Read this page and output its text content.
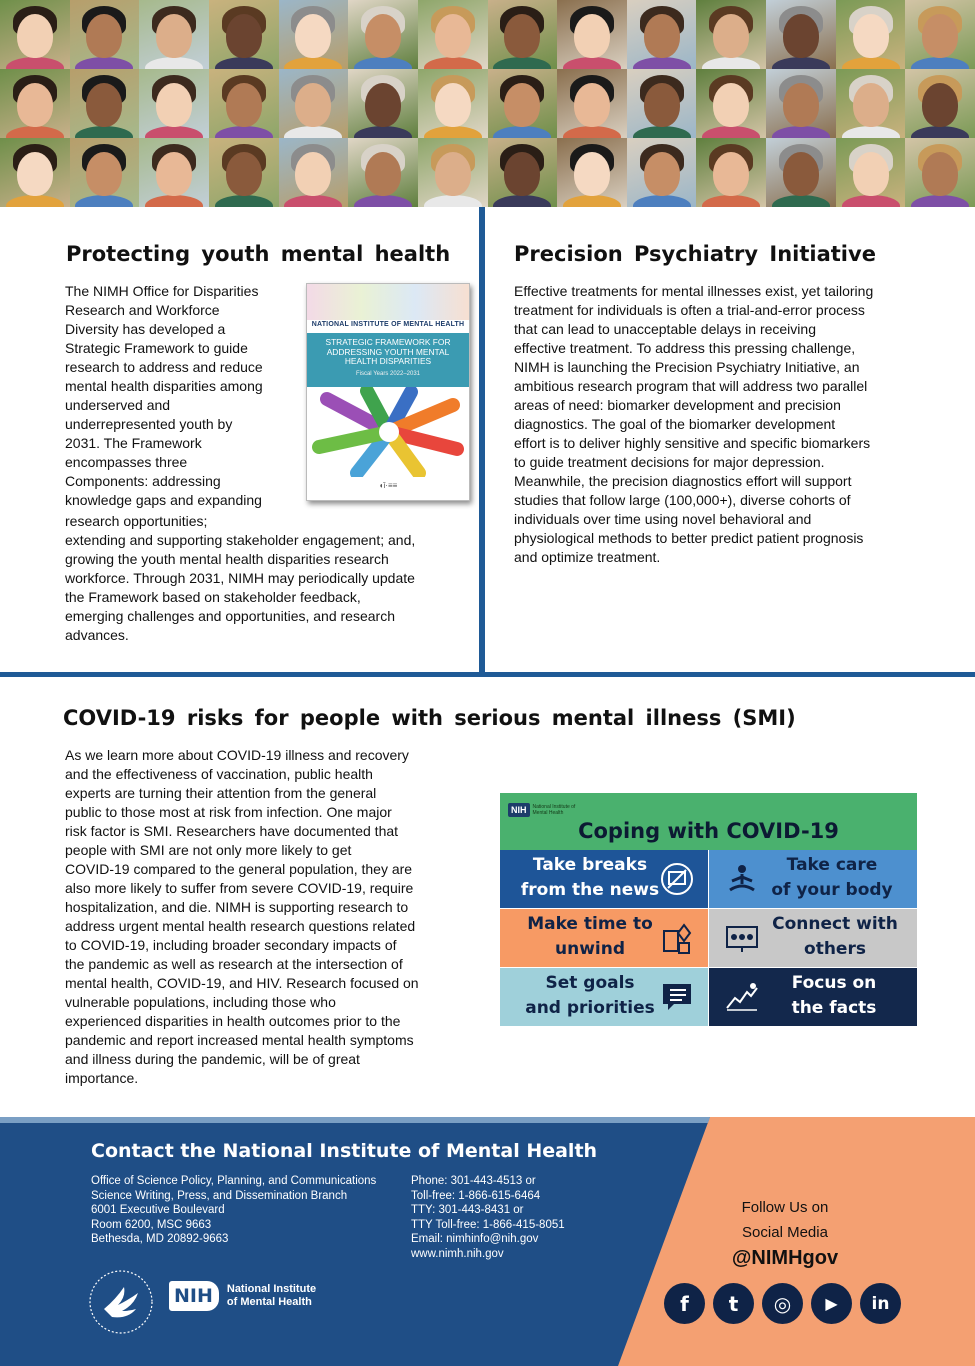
Protecting youth mental health
The NIMH Office for Disparities
Research and Workforce
Diversity has developed a
Strategic Framework to guide
research to address and reduce
mental health disparities among
underserved and
underrepresented youth by
2031. The Framework
encompasses three
Components: addressing
knowledge gaps and expanding
research opportunities;
extending and supporting stakeholder engagement; and,
growing the youth mental health disparities research
workforce. Through 2031, NIMH may periodically update
the Framework based on stakeholder feedback,
emerging challenges and opportunities, and research
advances.
NATIONAL INSTITUTE OF MENTAL HEALTH
STRATEGIC FRAMEWORK FOR
ADDRESSING YOUTH MENTAL
HEALTH DISPARITIES
Fiscal Years 2022–2031
◖ǐ·≡≡
Precision Psychiatry Initiative
Effective treatments for mental illnesses exist, yet tailoring
treatment for individuals is often a trial-and-error process
that can lead to unacceptable delays in receiving
effective treatment. To address this pressing challenge,
NIMH is launching the Precision Psychiatry Initiative, an
ambitious research program that will address two parallel
areas of need: biomarker development and precision
diagnostics. The goal of the biomarker development
effort is to deliver highly sensitive and specific biomarkers
to guide treatment decisions for major depression.
Meanwhile, the precision diagnostics effort will support
studies that follow large (100,000+), diverse cohorts of
individuals over time using novel behavioral and
physiological methods to better predict patient prognosis
and optimize treatment.
COVID-19 risks for people with serious mental illness (SMI)
As we learn more about COVID-19 illness and recovery
and the effectiveness of vaccination, public health
experts are turning their attention from the general
public to those most at risk from infection. One major
risk factor is SMI. Researchers have documented that
people with SMI are not only more likely to get
COVID-19 compared to the general population, they are
also more likely to suffer from severe COVID-19, require
hospitalization, and die. NIMH is supporting research to
address urgent mental health research questions related
to COVID-19, including broader secondary impacts of
the pandemic as well as research at the intersection of
mental health, COVID-19, and HIV. Research focused on
vulnerable populations, including those who
experienced disparities in health outcomes prior to the
pandemic and report increased mental health symptoms
and illness during the pandemic, will be of great
importance.
NIH	National Institute of Mental Health
Coping with COVID-19
Take breaks
from the news
Take care
of your body
Make time to
unwind
Connect with
others
Set goals
and priorities
Focus on
the facts
Contact the National Institute of Mental Health
Office of Science Policy, Planning, and Communications
Science Writing, Press, and Dissemination Branch
6001 Executive Boulevard
Room 6200, MSC 9663
Bethesda, MD 20892-9663
Phone: 301-443-4513 or
Toll-free: 1-866-615-6464
TTY: 301-443-8431 or
TTY Toll-free: 1-866-415-8051
Email: nimhinfo@nih.gov
www.nimh.nih.gov
NIH	National Institute
of Mental Health
Follow Us on
Social Media
@NIMHgov
f	t	◎	▶	in
